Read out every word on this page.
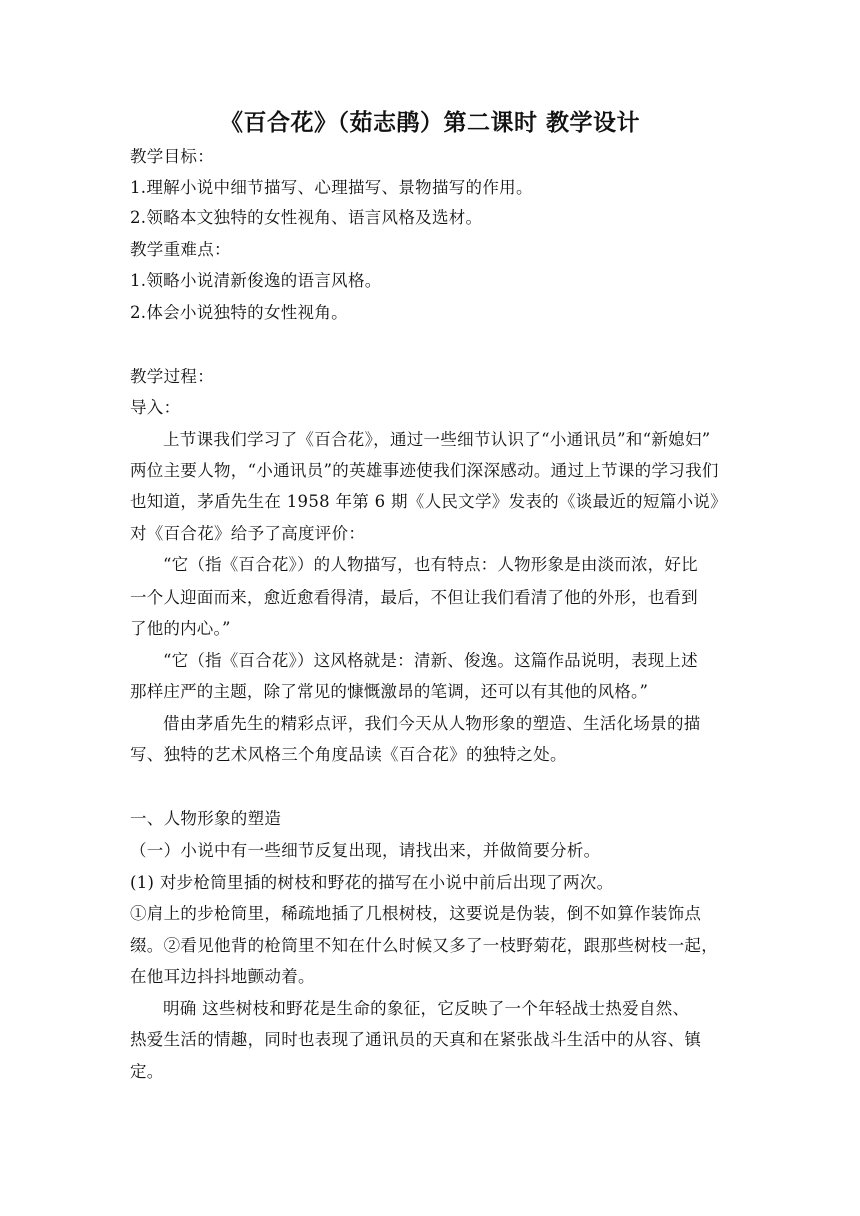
《百合花》（茹志鹃）第二课时 教学设计
教学目标：
1.理解小说中细节描写、心理描写、景物描写的作用。
2.领略本文独特的女性视角、语言风格及选材。
教学重难点：
1.领略小说清新俊逸的语言风格。
2.体会小说独特的女性视角。
教学过程：
导入：
上节课我们学习了《百合花》，通过一些细节认识了“小通讯员”和“新媳妇”
两位主要人物，“小通讯员”的英雄事迹使我们深深感动。通过上节课的学习我们
也知道，茅盾先生在 1958 年第 6 期《人民文学》发表的《谈最近的短篇小说》
对《百合花》给予了高度评价：
“它（指《百合花》）的人物描写，也有特点：人物形象是由淡而浓，好比
一个人迎面而来，愈近愈看得清，最后，不但让我们看清了他的外形，也看到
了他的内心。”
“它（指《百合花》）这风格就是：清新、俊逸。这篇作品说明，表现上述
那样庄严的主题，除了常见的慷慨激昂的笔调，还可以有其他的风格。”
借由茅盾先生的精彩点评，我们今天从人物形象的塑造、生活化场景的描
写、独特的艺术风格三个角度品读《百合花》的独特之处。
一、人物形象的塑造
（一）小说中有一些细节反复出现，请找出来，并做简要分析。
(1) 对步枪筒里插的树枝和野花的描写在小说中前后出现了两次。
①肩上的步枪筒里，稀疏地插了几根树枝，这要说是伪装，倒不如算作装饰点
缀。②看见他背的枪筒里不知在什么时候又多了一枝野菊花，跟那些树枝一起，
在他耳边抖抖地颤动着。
明确 这些树枝和野花是生命的象征，它反映了一个年轻战士热爱自然、
热爱生活的情趣，同时也表现了通讯员的天真和在紧张战斗生活中的从容、镇
定。
